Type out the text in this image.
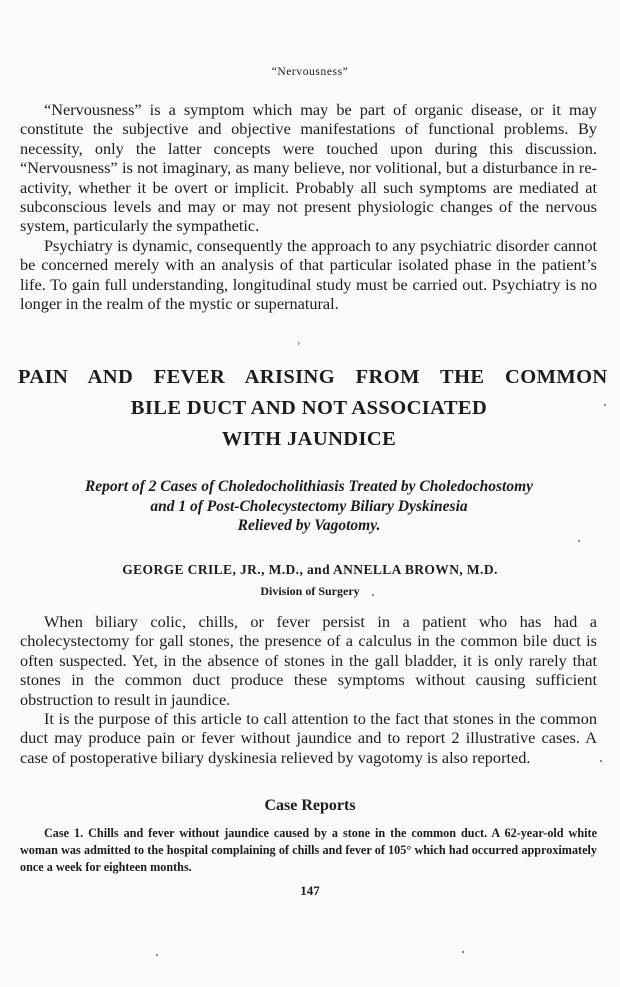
“Nervousness”

“Nervousness” is a symptom which may be part of organic disease, or it may constitute the subjective and objective manifestations of functional problems. By necessity, only the latter concepts were touched upon during this discussion. “Nervousness” is not imaginary, as many believe, nor volitional, but a disturbance in re-activity, whether it be overt or implicit. Probably all such symptoms are mediated at subconscious levels and may or may not present physiologic changes of the nervous system, particularly the sympathetic.

Psychiatry is dynamic, consequently the approach to any psychiatric disorder cannot be concerned merely with an analysis of that particular isolated phase in the patient’s life. To gain full understanding, longitudinal study must be carried out. Psychiatry is no longer in the realm of the mystic or supernatural.

›
PAIN AND FEVER ARISING FROM THE COMMON
BILE DUCT AND NOT ASSOCIATED
WITH JAUNDICE
Report of 2 Cases of Choledocholithiasis Treated by Choledochostomy
and 1 of Post-Cholecystectomy Biliary Dyskinesia
Relieved by Vagotomy.
GEORGE CRILE, JR., M.D., and ANNELLA BROWN, M.D.
Division of Surgery

When biliary colic, chills, or fever persist in a patient who has had a cholecystectomy for gall stones, the presence of a calculus in the common bile duct is often suspected. Yet, in the absence of stones in the gall bladder, it is only rarely that stones in the common duct produce these symptoms without causing sufficient obstruction to result in jaundice.

It is the purpose of this article to call attention to the fact that stones in the common duct may produce pain or fever without jaundice and to report 2 illustrative cases. A case of postoperative biliary dyskinesia relieved by vagotomy is also reported.

Case Reports

Case 1. Chills and fever without jaundice caused by a stone in the common duct. A 62-year-old white woman was admitted to the hospital complaining of chills and fever of 105° which had occurred approximately once a week for eighteen months.

147
